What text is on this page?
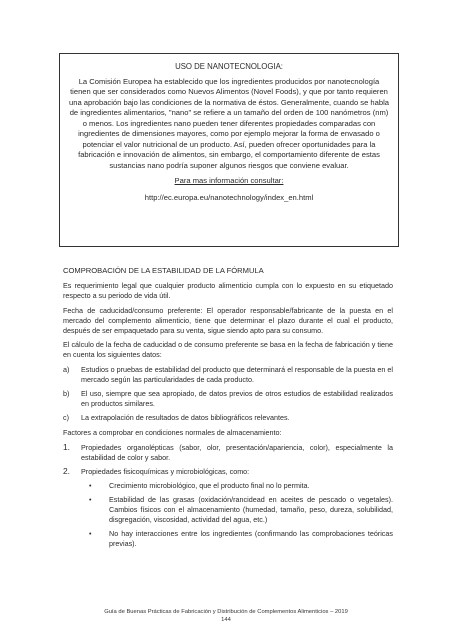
USO DE NANOTECNOLOGIA:

La Comisión Europea ha establecido que los ingredientes producidos por nanotecnología tienen que ser considerados como Nuevos Alimentos (Novel Foods), y que por tanto requieren una aprobación bajo las condiciones de la normativa de éstos. Generalmente, cuando se habla de ingredientes alimentarios, "nano" se refiere a un tamaño del orden de 100 nanómetros (nm) o menos. Los ingredientes nano pueden tener diferentes propiedades comparadas con ingredientes de dimensiones mayores, como por ejemplo mejorar la forma de envasado o potenciar el valor nutricional de un producto. Así, pueden ofrecer oportunidades para la fabricación e innovación de alimentos, sin embargo, el comportamiento diferente de estas sustancias nano podría suponer algunos riesgos que conviene evaluar.

Para mas información consultar:

http://ec.europa.eu/nanotechnology/index_en.html

COMPROBACIÓN DE LA ESTABILIDAD DE LA FÓRMULA

Es requerimiento legal que cualquier producto alimenticio cumpla con lo expuesto en su etiquetado respecto a su periodo de vida útil.

Fecha de caducidad/consumo preferente: El operador responsable/fabricante de la puesta en el mercado del complemento alimenticio, tiene que determinar el plazo durante el cual el producto, después de ser empaquetado para su venta, sigue siendo apto para su consumo.

El cálculo de la fecha de caducidad o de consumo preferente se basa en la fecha de fabricación y tiene en cuenta los siguientes datos:

a)	Estudios o pruebas de estabilidad del producto que determinará el responsable de la puesta en el mercado según las particularidades de cada producto.
b)	El uso, siempre que sea apropiado, de datos previos de otros estudios de estabilidad realizados en productos similares.
c)	La extrapolación de resultados de datos bibliográficos relevantes.

Factores a comprobar en condiciones normales de almacenamiento:

1.	Propiedades organolépticas (sabor, olor, presentación/apariencia, color), especialmente la estabilidad de color y sabor.
2.	Propiedades fisicoquímicas y microbiológicas, como:
•	Crecimiento microbiológico, que el producto final no lo permita.
•	Estabilidad de las grasas (oxidación/rancidead en aceites de pescado o vegetales). Cambios físicos con el almacenamiento (humedad, tamaño, peso, dureza, solubilidad, disgregación, viscosidad, actividad del agua, etc.)
•	No hay interacciones entre los ingredientes (confirmando las comprobaciones teóricas previas).
Guía de Buenas Prácticas de Fabricación y Distribución de Complementos Alimenticios – 2019
144
